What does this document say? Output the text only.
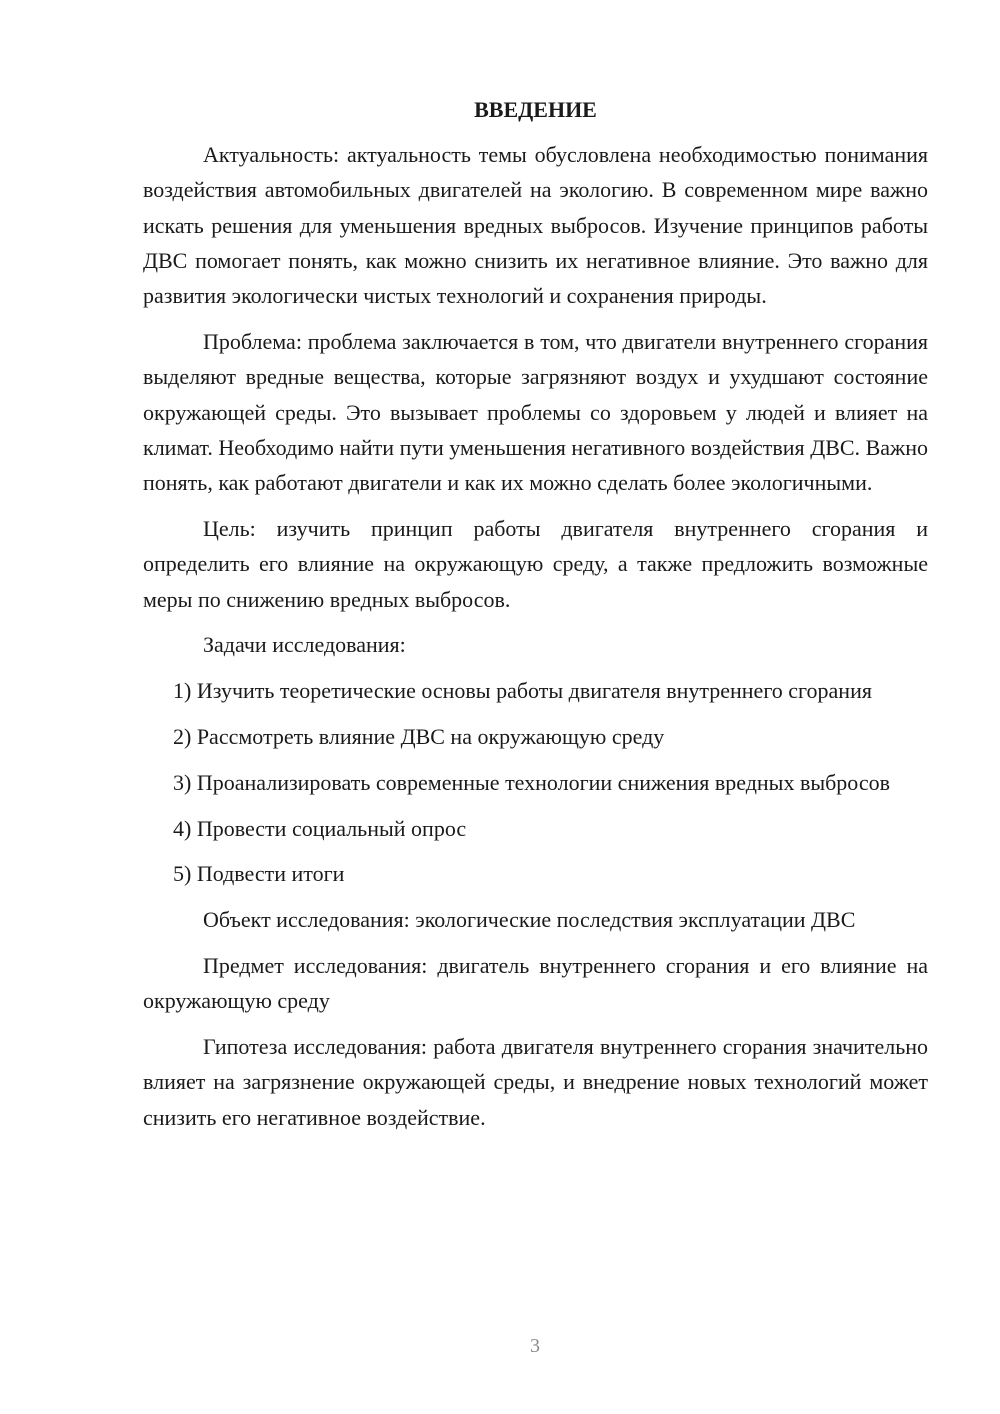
ВВЕДЕНИЕ

Актуальность: актуальность темы обусловлена необходимостью понимания воздействия автомобильных двигателей на экологию. В современном мире важно искать решения для уменьшения вредных выбросов. Изучение принципов работы ДВС помогает понять, как можно снизить их негативное влияние. Это важно для развития экологически чистых технологий и сохранения природы.

Проблема: проблема заключается в том, что двигатели внутреннего сгорания выделяют вредные вещества, которые загрязняют воздух и ухудшают состояние окружающей среды. Это вызывает проблемы со здоровьем у людей и влияет на климат. Необходимо найти пути уменьшения негативного воздействия ДВС. Важно понять, как работают двигатели и как их можно сделать более экологичными.

Цель: изучить принцип работы двигателя внутреннего сгорания и определить его влияние на окружающую среду, а также предложить возможные меры по снижению вредных выбросов.

Задачи исследования:

1) Изучить теоретические основы работы двигателя внутреннего сгорания

2) Рассмотреть влияние ДВС на окружающую среду

3) Проанализировать современные технологии снижения вредных выбросов

4) Провести социальный опрос

5) Подвести итоги

Объект исследования: экологические последствия эксплуатации ДВС

Предмет исследования: двигатель внутреннего сгорания и его влияние на окружающую среду

Гипотеза исследования: работа двигателя внутреннего сгорания значительно влияет на загрязнение окружающей среды, и внедрение новых технологий может снизить его негативное воздействие.

3
